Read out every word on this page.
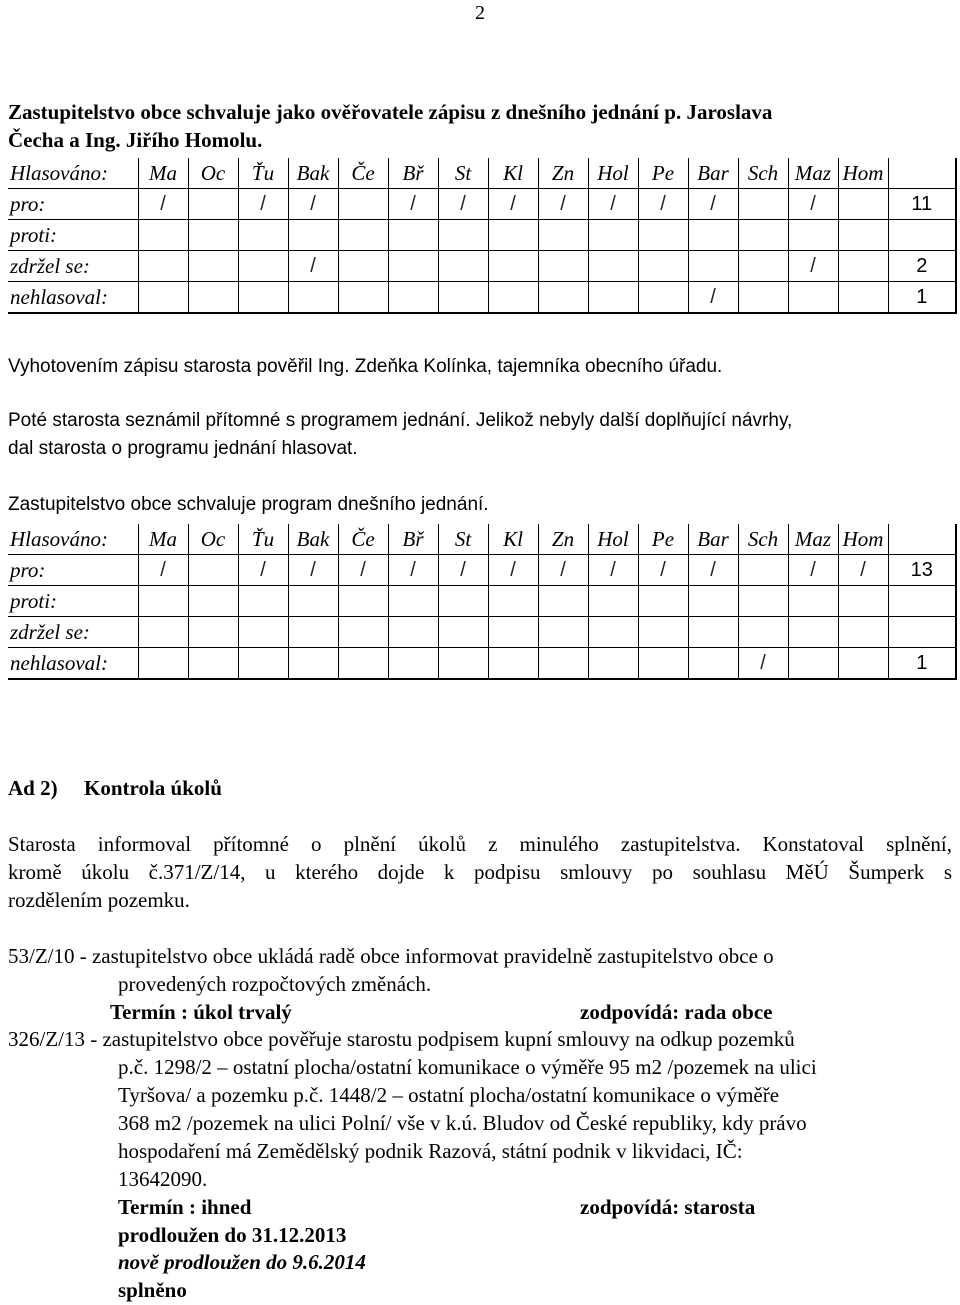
2
Zastupitelstvo obce schvaluje jako ověřovatele zápisu z dnešního jednání p. Jaroslava
Čecha a Ing. Jiřího Homolu.
Hlasováno:	Ma	Oc	Ťu	Bak	Če	Bř	St	Kl	Zn	Hol	Pe	Bar	Sch	Maz	Hom	
pro:	/		/	/		/	/	/	/	/	/	/		/		11
proti:																
zdržel se:				/										/		2
nehlasoval:												/				1
Vyhotovením zápisu starosta pověřil Ing. Zdeňka Kolínka, tajemníka obecního úřadu.
Poté starosta seznámil přítomné s programem jednání. Jelikož nebyly další doplňující návrhy,
dal starosta o programu jednání hlasovat.
Zastupitelstvo obce schvaluje program dnešního jednání.
Hlasováno:	Ma	Oc	Ťu	Bak	Če	Bř	St	Kl	Zn	Hol	Pe	Bar	Sch	Maz	Hom	
pro:	/		/	/	/	/	/	/	/	/	/	/		/	/	13
proti:																
zdržel se:																
nehlasoval:													/			1
Ad 2) Kontrola úkolů
Starosta informoval přítomné o plnění úkolů z minulého zastupitelstva. Konstatoval splnění,
kromě úkolu č.371/Z/14, u kterého dojde k podpisu smlouvy po souhlasu MěÚ Šumperk s
rozdělením pozemku.
53/Z/10 - zastupitelstvo obce ukládá radě obce informovat pravidelně zastupitelstvo obce o
provedených rozpočtových změnách.
Termín : úkol trvalý	zodpovídá: rada obce
326/Z/13 - zastupitelstvo obce pověřuje starostu podpisem kupní smlouvy na odkup pozemků
p.č. 1298/2 – ostatní plocha/ostatní komunikace o výměře 95 m2 /pozemek na ulici
Tyršova/ a pozemku p.č. 1448/2 – ostatní plocha/ostatní komunikace o výměře
368 m2 /pozemek na ulici Polní/ vše v k.ú. Bludov od České republiky, kdy právo
hospodaření má Zemědělský podnik Razová, státní podnik v likvidaci, IČ:
13642090.
Termín : ihned	zodpovídá: starosta
prodloužen do 31.12.2013
nově prodloužen do 9.6.2014
splněno
